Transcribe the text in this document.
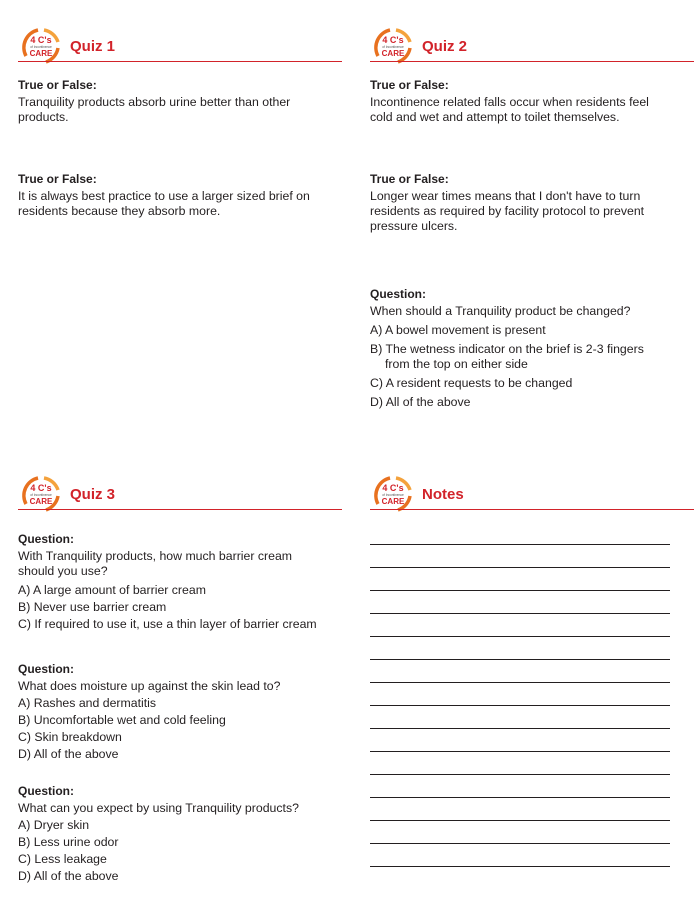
4 C's
of Incontinence
CARE Quiz 1
True or False:
Tranquility products absorb urine better than other products.
True or False:
It is always best practice to use a larger sized brief on residents because they absorb more.
4 C's
of Incontinence
CARE Quiz 2
True or False:
Incontinence related falls occur when residents feel cold and wet and attempt to toilet themselves.
True or False:
Longer wear times means that I don't have to turn residents as required by facility protocol to prevent pressure ulcers.
Question:
When should a Tranquility product be changed?
A) A bowel movement is present
B) The wetness indicator on the brief is 2-3 fingers from the top on either side
C) A resident requests to be changed
D) All of the above
4 C's
of Incontinence
CARE Quiz 3
Question:
With Tranquility products, how much barrier cream should you use?
A) A large amount of barrier cream
B) Never use barrier cream
C) If required to use it, use a thin layer of barrier cream
Question:
What does moisture up against the skin lead to?
A) Rashes and dermatitis
B) Uncomfortable wet and cold feeling
C) Skin breakdown
D) All of the above
Question:
What can you expect by using Tranquility products?
A) Dryer skin
B) Less urine odor
C) Less leakage
D) All of the above
4 C's
of Incontinence
CARE Notes
